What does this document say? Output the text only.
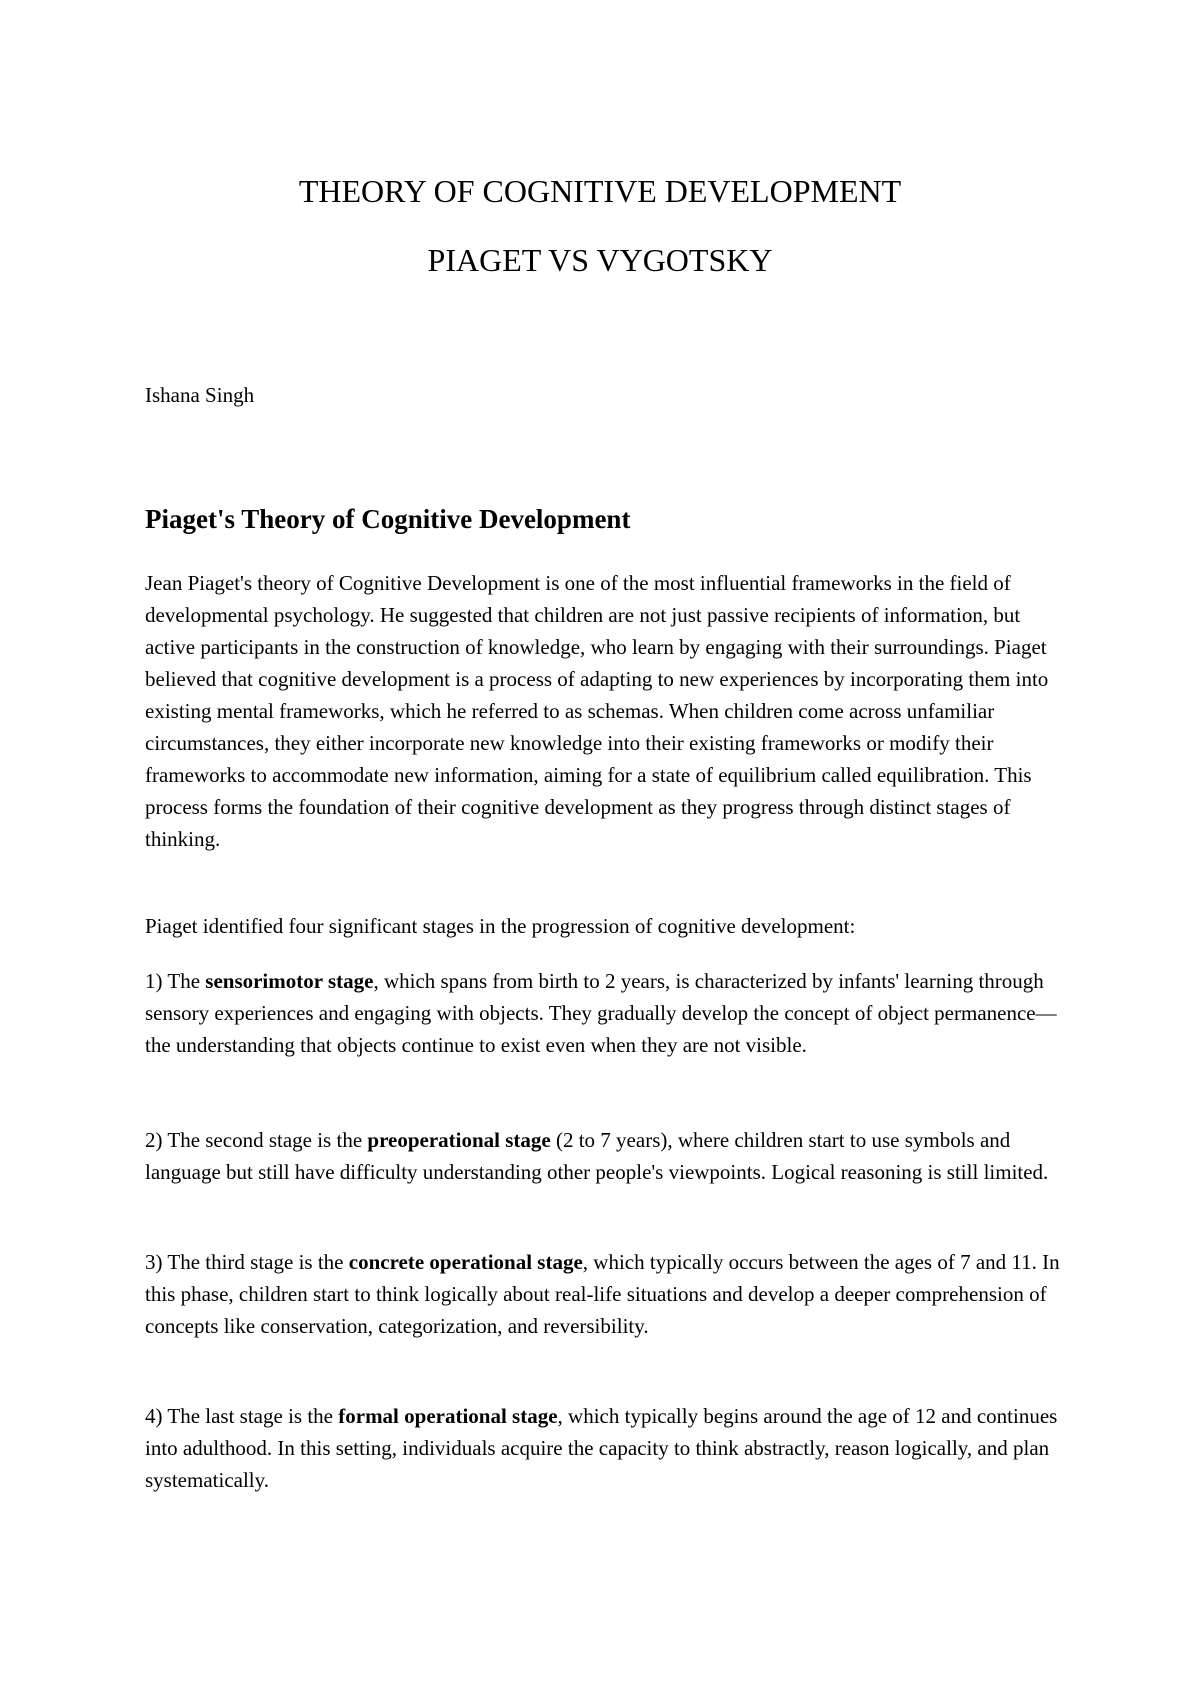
THEORY OF COGNITIVE DEVELOPMENT
PIAGET VS VYGOTSKY

Ishana Singh

Piaget's Theory of Cognitive Development

Jean Piaget's theory of Cognitive Development is one of the most influential frameworks in the field of developmental psychology. He suggested that children are not just passive recipients of information, but active participants in the construction of knowledge, who learn by engaging with their surroundings. Piaget believed that cognitive development is a process of adapting to new experiences by incorporating them into existing mental frameworks, which he referred to as schemas. When children come across unfamiliar circumstances, they either incorporate new knowledge into their existing frameworks or modify their frameworks to accommodate new information, aiming for a state of equilibrium called equilibration. This process forms the foundation of their cognitive development as they progress through distinct stages of thinking.

Piaget identified four significant stages in the progression of cognitive development:

1) The sensorimotor stage, which spans from birth to 2 years, is characterized by infants' learning through sensory experiences and engaging with objects. They gradually develop the concept of object permanence—the understanding that objects continue to exist even when they are not visible.

2) The second stage is the preoperational stage (2 to 7 years), where children start to use symbols and language but still have difficulty understanding other people's viewpoints. Logical reasoning is still limited.

3) The third stage is the concrete operational stage, which typically occurs between the ages of 7 and 11. In this phase, children start to think logically about real-life situations and develop a deeper comprehension of concepts like conservation, categorization, and reversibility.

4) The last stage is the formal operational stage, which typically begins around the age of 12 and continues into adulthood. In this setting, individuals acquire the capacity to think abstractly, reason logically, and plan systematically.
